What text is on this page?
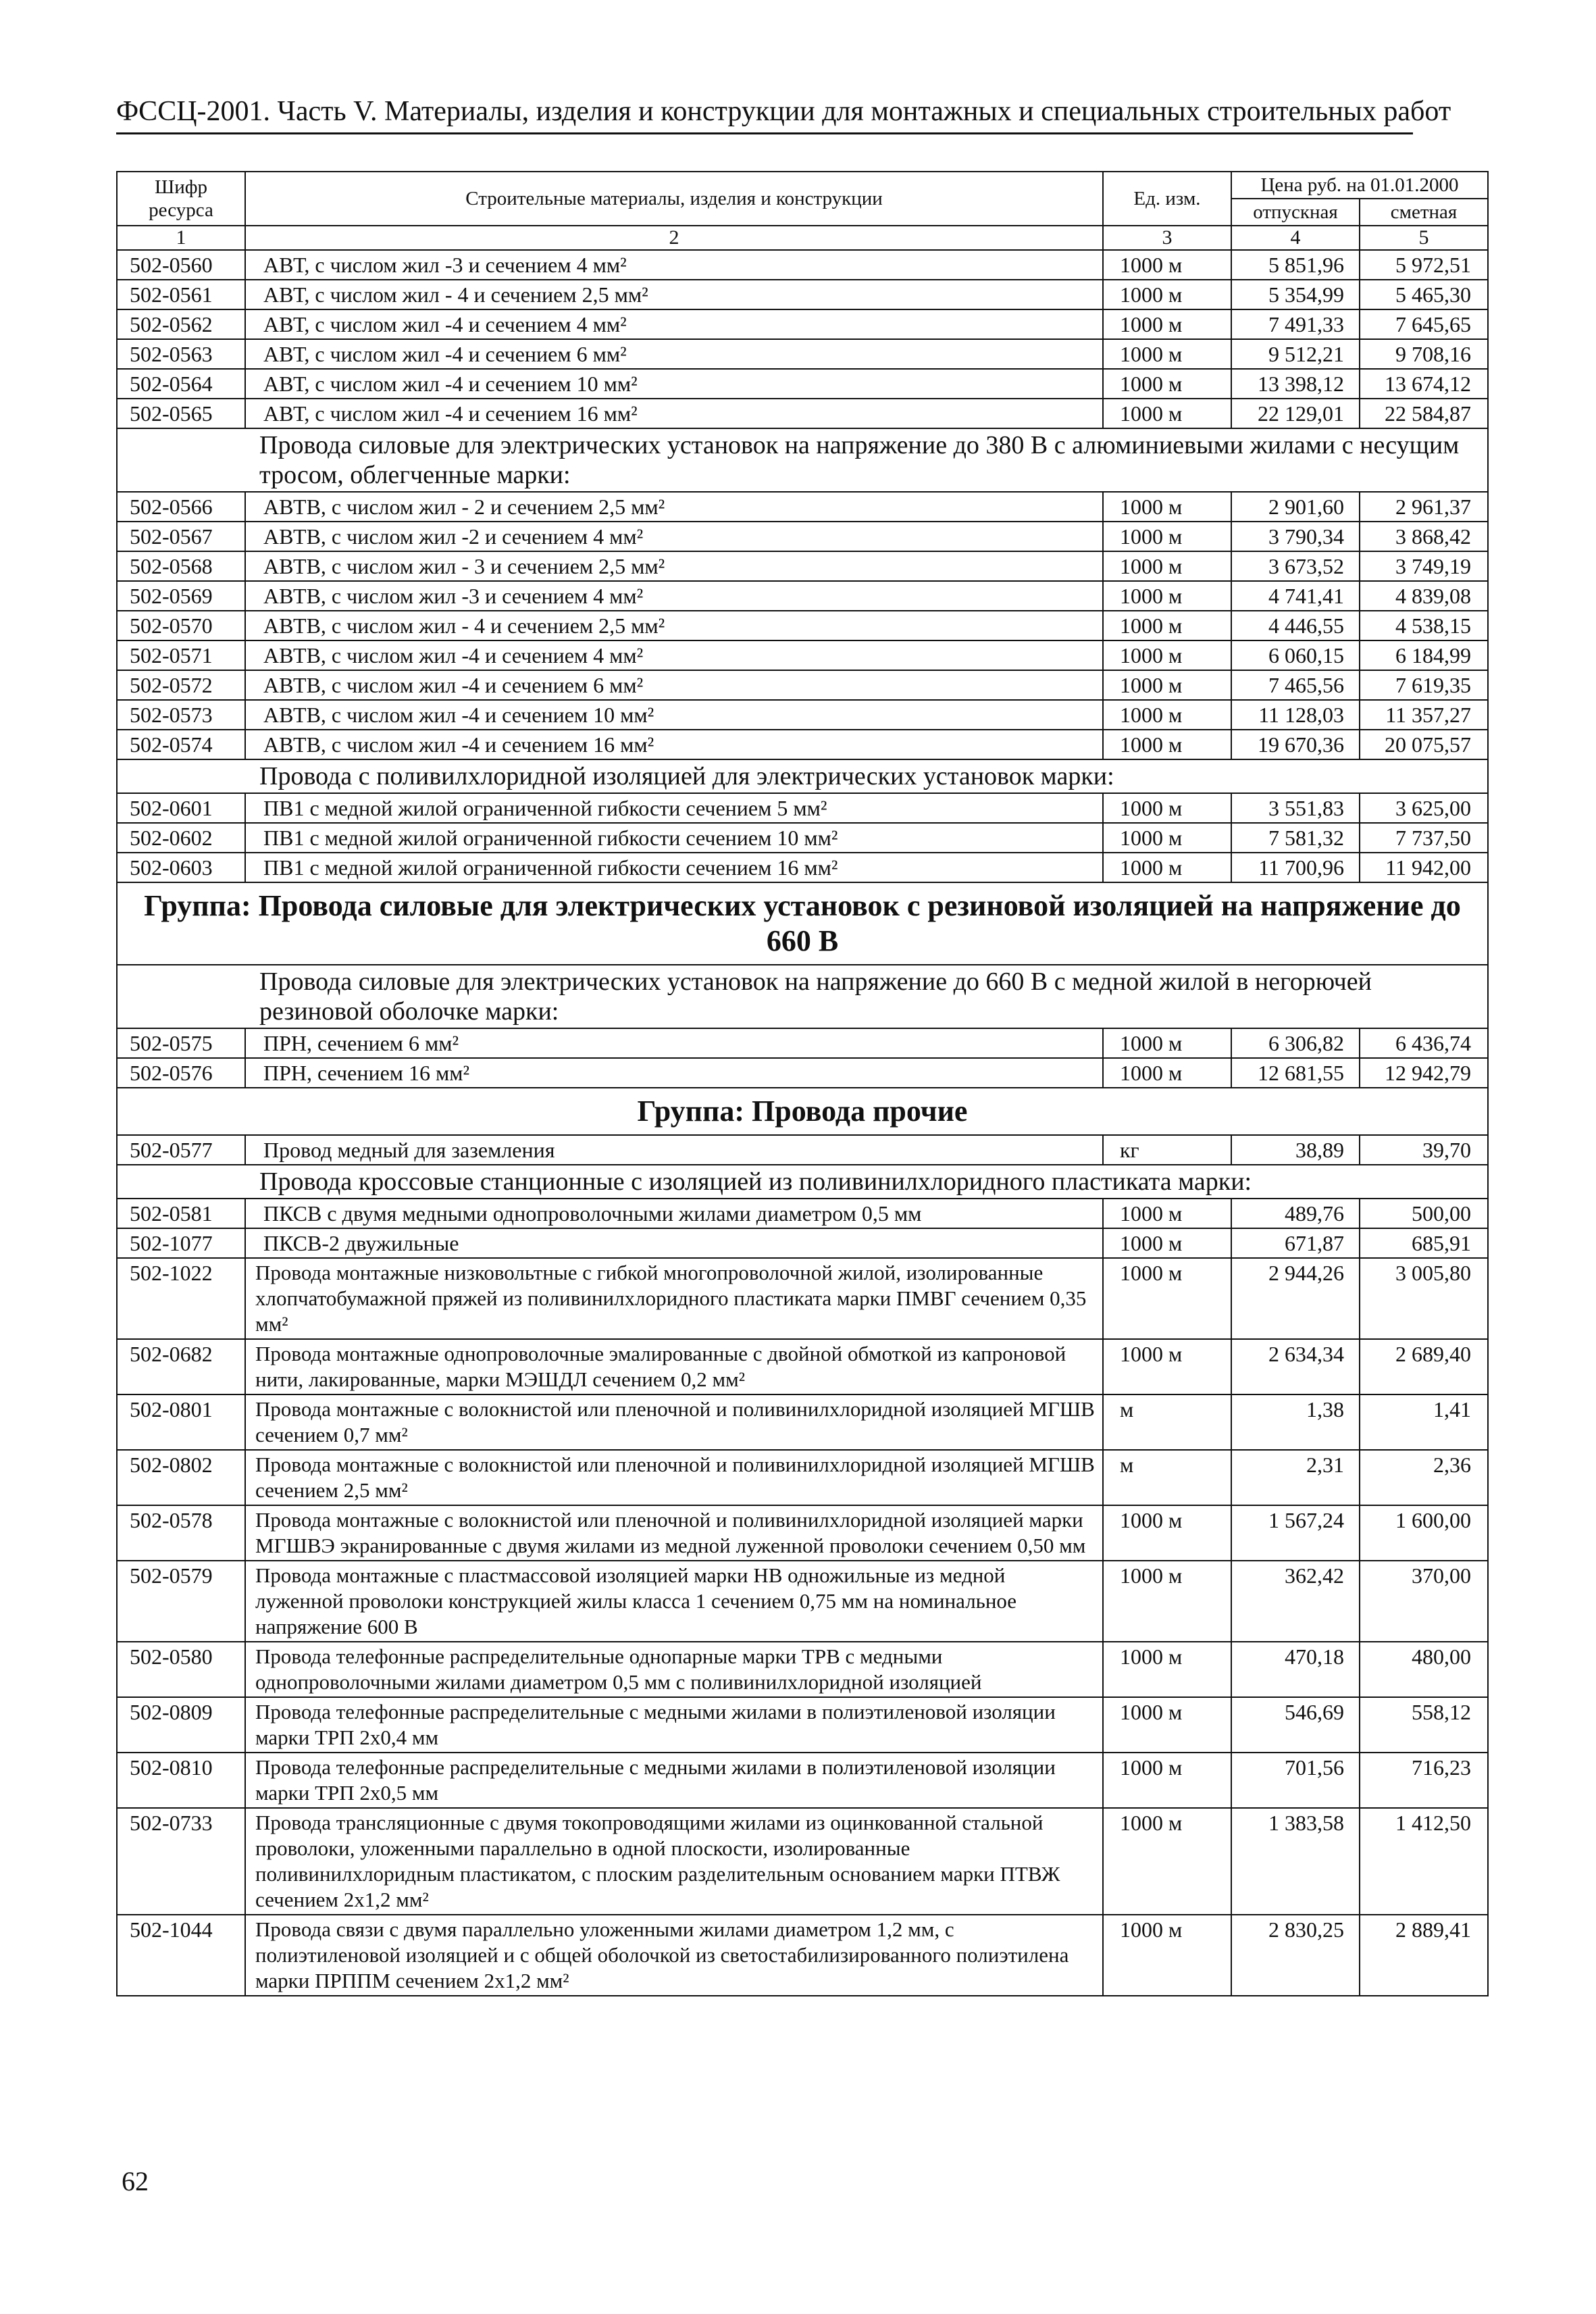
ФССЦ-2001. Часть V. Материалы, изделия и конструкции для монтажных и специальных строительных работ
Шифр ресурса	Строительные материалы, изделия и конструкции	Ед. изм.	Цена руб. на 01.01.2000	
			отпускная	сметная
1	2	3	4	5
502-0560	АВТ, с числом жил -3 и сечением 4 мм²	1000 м	5 851,96	5 972,51
502-0561	АВТ, с числом жил - 4 и сечением 2,5 мм²	1000 м	5 354,99	5 465,30
502-0562	АВТ, с числом жил -4 и сечением 4 мм²	1000 м	7 491,33	7 645,65
502-0563	АВТ, с числом жил -4 и сечением 6 мм²	1000 м	9 512,21	9 708,16
502-0564	АВТ, с числом жил -4 и сечением 10 мм²	1000 м	13 398,12	13 674,12
502-0565	АВТ, с числом жил -4 и сечением 16 мм²	1000 м	22 129,01	22 584,87
Провода силовые для электрических установок на напряжение до 380 В с алюминиевыми жилами с несущим тросом, облегченные марки:				
502-0566	АВТВ, с числом жил - 2 и сечением 2,5 мм²	1000 м	2 901,60	2 961,37
502-0567	АВТВ, с числом жил -2 и сечением 4 мм²	1000 м	3 790,34	3 868,42
502-0568	АВТВ, с числом жил - 3 и сечением 2,5 мм²	1000 м	3 673,52	3 749,19
502-0569	АВТВ, с числом жил -3 и сечением 4 мм²	1000 м	4 741,41	4 839,08
502-0570	АВТВ, с числом жил - 4 и сечением 2,5 мм²	1000 м	4 446,55	4 538,15
502-0571	АВТВ, с числом жил -4 и сечением 4 мм²	1000 м	6 060,15	6 184,99
502-0572	АВТВ, с числом жил -4 и сечением 6 мм²	1000 м	7 465,56	7 619,35
502-0573	АВТВ, с числом жил -4 и сечением 10 мм²	1000 м	11 128,03	11 357,27
502-0574	АВТВ, с числом жил -4 и сечением 16 мм²	1000 м	19 670,36	20 075,57
Провода с поливилхлоридной изоляцией для электрических установок марки:				
502-0601	ПВ1 с медной жилой ограниченной гибкости сечением 5 мм²	1000 м	3 551,83	3 625,00
502-0602	ПВ1 с медной жилой ограниченной гибкости сечением 10 мм²	1000 м	7 581,32	7 737,50
502-0603	ПВ1 с медной жилой ограниченной гибкости сечением 16 мм²	1000 м	11 700,96	11 942,00
Группа: Провода силовые для электрических установок с резиновой изоляцией на напряжение до 660 В				
Провода силовые для электрических установок на напряжение до 660 В с медной жилой в негорючей резиновой оболочке марки:				
502-0575	ПРН, сечением 6 мм²	1000 м	6 306,82	6 436,74
502-0576	ПРН, сечением 16 мм²	1000 м	12 681,55	12 942,79
Группа: Провода прочие				
502-0577	Провод медный для заземления	кг	38,89	39,70
Провода кроссовые станционные с изоляцией из поливинилхлоридного пластиката марки:				
502-0581	ПКСВ с двумя медными однопроволочными жилами диаметром 0,5 мм	1000 м	489,76	500,00
502-1077	ПКСВ-2 двужильные	1000 м	671,87	685,91
502-1022	Провода монтажные низковольтные с гибкой многопроволочной жилой, изолированные хлопчатобумажной пряжей из поливинилхлоридного пластиката марки ПМВГ сечением 0,35 мм²	1000 м	2 944,26	3 005,80
502-0682	Провода монтажные однопроволочные эмалированные с двойной обмоткой из капроновой нити, лакированные, марки МЭШДЛ сечением 0,2 мм²	1000 м	2 634,34	2 689,40
502-0801	Провода монтажные с волокнистой или пленочной и поливинилхлоридной изоляцией МГШВ сечением 0,7 мм²	м	1,38	1,41
502-0802	Провода монтажные с волокнистой или пленочной и поливинилхлоридной изоляцией МГШВ сечением 2,5 мм²	м	2,31	2,36
502-0578	Провода монтажные с волокнистой или пленочной и поливинилхлоридной изоляцией марки МГШВЭ экранированные с двумя жилами из медной луженной проволоки сечением 0,50 мм	1000 м	1 567,24	1 600,00
502-0579	Провода монтажные с пластмассовой изоляцией марки НВ одножильные из медной луженной проволоки конструкцией жилы класса 1 сечением 0,75 мм на номинальное напряжение 600 В	1000 м	362,42	370,00
502-0580	Провода телефонные распределительные однопарные марки ТРВ с медными однопроволочными жилами диаметром 0,5 мм с поливинилхлоридной изоляцией	1000 м	470,18	480,00
502-0809	Провода телефонные распределительные с медными жилами в полиэтиленовой изоляции марки ТРП 2х0,4 мм	1000 м	546,69	558,12
502-0810	Провода телефонные распределительные с медными жилами в полиэтиленовой изоляции марки ТРП 2х0,5 мм	1000 м	701,56	716,23
502-0733	Провода трансляционные с двумя токопроводящими жилами из оцинкованной стальной проволоки, уложенными параллельно в одной плоскости, изолированные поливинилхлоридным пластикатом, с плоским разделительным основанием марки ПТВЖ сечением 2х1,2 мм²	1000 м	1 383,58	1 412,50
502-1044	Провода связи с двумя параллельно уложенными жилами диаметром 1,2 мм, с полиэтиленовой изоляцией и с общей оболочкой из светостабилизированного полиэтилена марки ПРППМ сечением 2х1,2 мм²	1000 м	2 830,25	2 889,41
62
